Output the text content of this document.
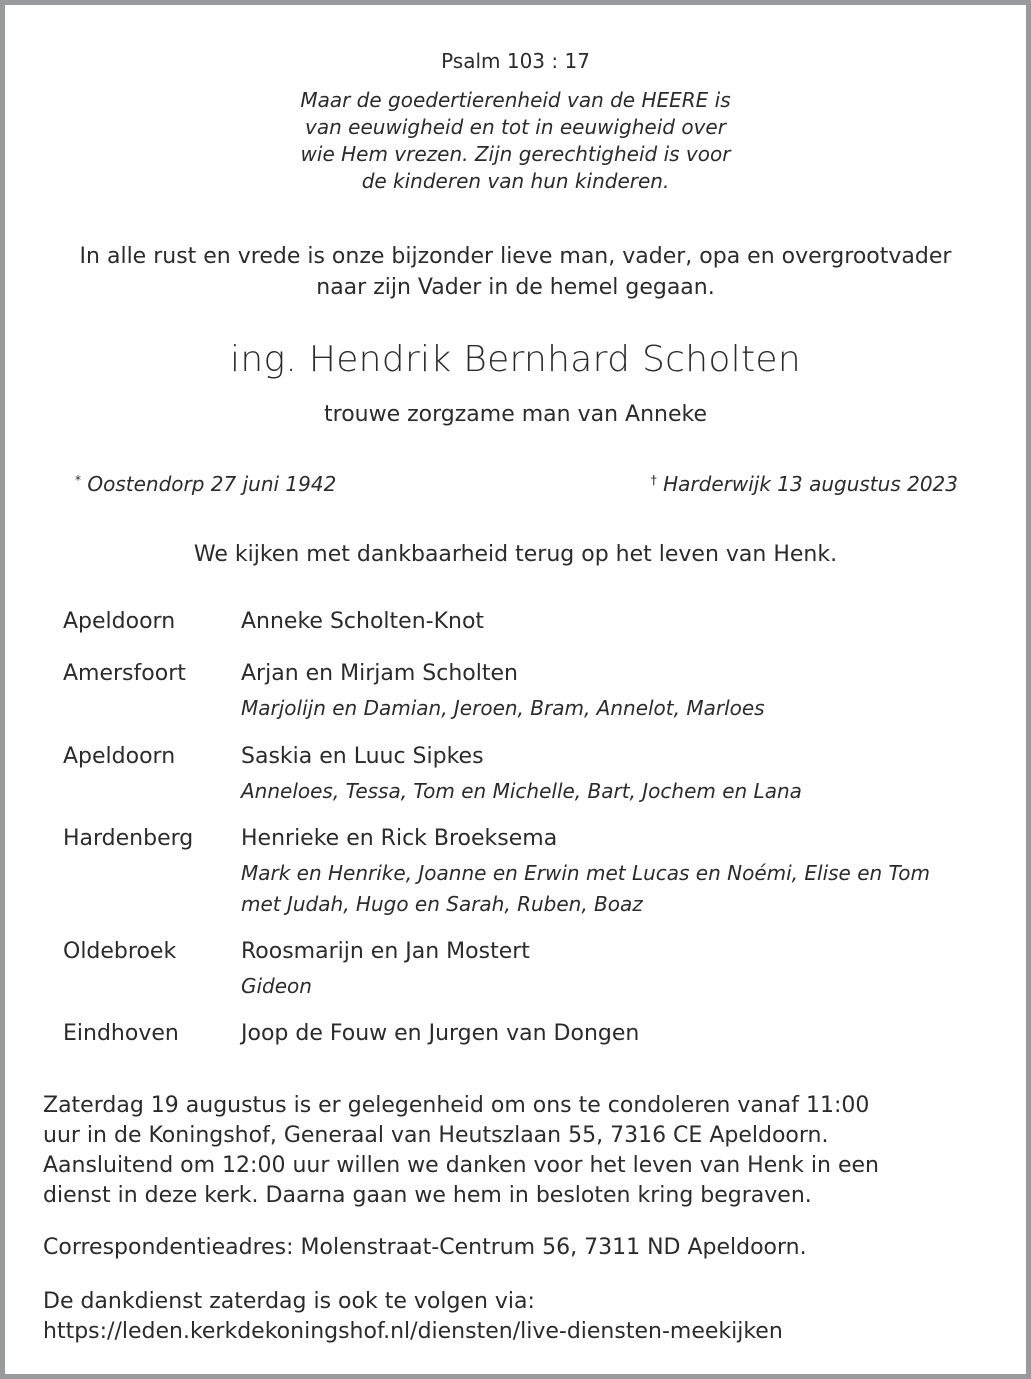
Psalm 103 : 17
Maar de goedertierenheid van de HEERE is
van eeuwigheid en tot in eeuwigheid over
wie Hem vrezen. Zijn gerechtigheid is voor
de kinderen van hun kinderen.
In alle rust en vrede is onze bijzonder lieve man, vader, opa en overgrootvader
naar zijn Vader in de hemel gegaan.
ing. Hendrik Bernhard Scholten
trouwe zorgzame man van Anneke
* Oostendorp 27 juni 1942	† Harderwijk 13 augustus 2023
We kijken met dankbaarheid terug op het leven van Henk.
Apeldoorn	Anneke Scholten-Knot
Amersfoort	Arjan en Mirjam Scholten
Marjolijn en Damian, Jeroen, Bram, Annelot, Marloes
Apeldoorn	Saskia en Luuc Sipkes
Anneloes, Tessa, Tom en Michelle, Bart, Jochem en Lana
Hardenberg Henrieke en Rick Broeksema
Mark en Henrike, Joanne en Erwin met Lucas en Noémi, Elise en Tom
met Judah, Hugo en Sarah, Ruben, Boaz
Oldebroek	Roosmarijn en Jan Mostert
Gideon
Eindhoven	Joop de Fouw en Jurgen van Dongen
Zaterdag 19 augustus is er gelegenheid om ons te condoleren vanaf 11:00
uur in de Koningshof, Generaal van Heutszlaan 55, 7316 CE Apeldoorn.
Aansluitend om 12:00 uur willen we danken voor het leven van Henk in een
dienst in deze kerk. Daarna gaan we hem in besloten kring begraven.
Correspondentieadres: Molenstraat-Centrum 56, 7311 ND Apeldoorn.
De dankdienst zaterdag is ook te volgen via:
https://leden.kerkdekoningshof.nl/diensten/live-diensten-meekijken
